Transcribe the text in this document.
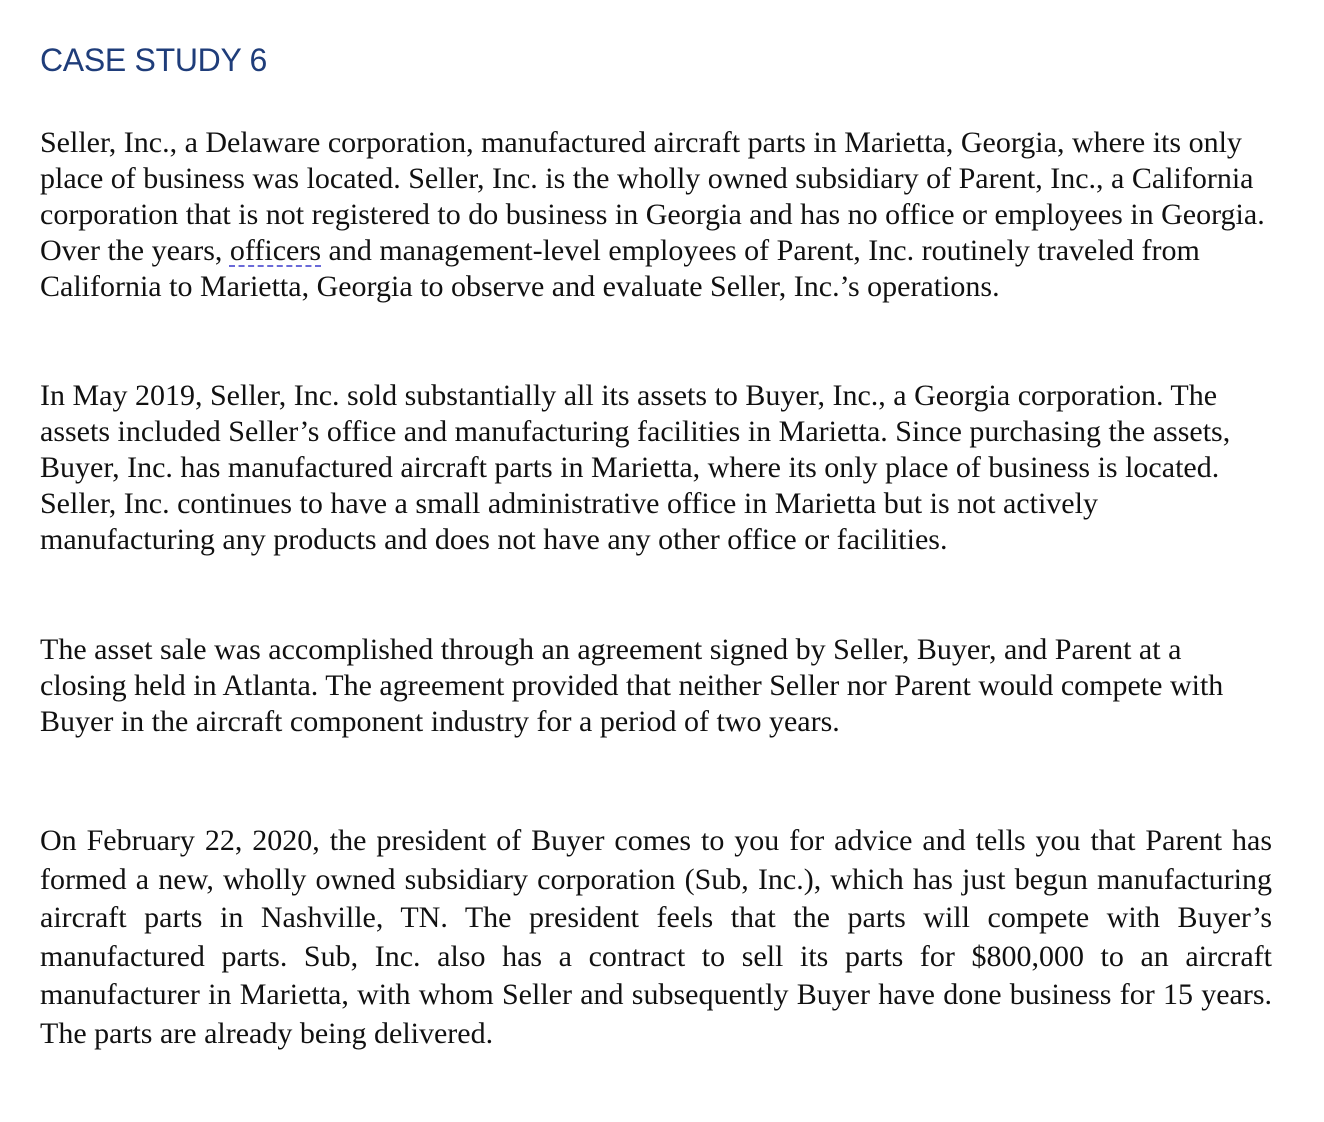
CASE STUDY 6

Seller, Inc., a Delaware corporation, manufactured aircraft parts in Marietta, Georgia, where its only place of business was located. Seller, Inc. is the wholly owned subsidiary of Parent, Inc., a California corporation that is not registered to do business in Georgia and has no office or employees in Georgia. Over the years, officers and management-level employees of Parent, Inc. routinely traveled from California to Marietta, Georgia to observe and evaluate Seller, Inc.’s operations.

In May 2019, Seller, Inc. sold substantially all its assets to Buyer, Inc., a Georgia corporation. The assets included Seller’s office and manufacturing facilities in Marietta. Since purchasing the assets, Buyer, Inc. has manufactured aircraft parts in Marietta, where its only place of business is located. Seller, Inc. continues to have a small administrative office in Marietta but is not actively manufacturing any products and does not have any other office or facilities.

The asset sale was accomplished through an agreement signed by Seller, Buyer, and Parent at a closing held in Atlanta. The agreement provided that neither Seller nor Parent would compete with Buyer in the aircraft component industry for a period of two years.

On February 22, 2020, the president of Buyer comes to you for advice and tells you that Parent has formed a new, wholly owned subsidiary corporation (Sub, Inc.), which has just begun manufacturing aircraft parts in Nashville, TN. The president feels that the parts will compete with Buyer’s manufactured parts. Sub, Inc. also has a contract to sell its parts for $800,000 to an aircraft manufacturer in Marietta, with whom Seller and subsequently Buyer have done business for 15 years. The parts are already being delivered.
